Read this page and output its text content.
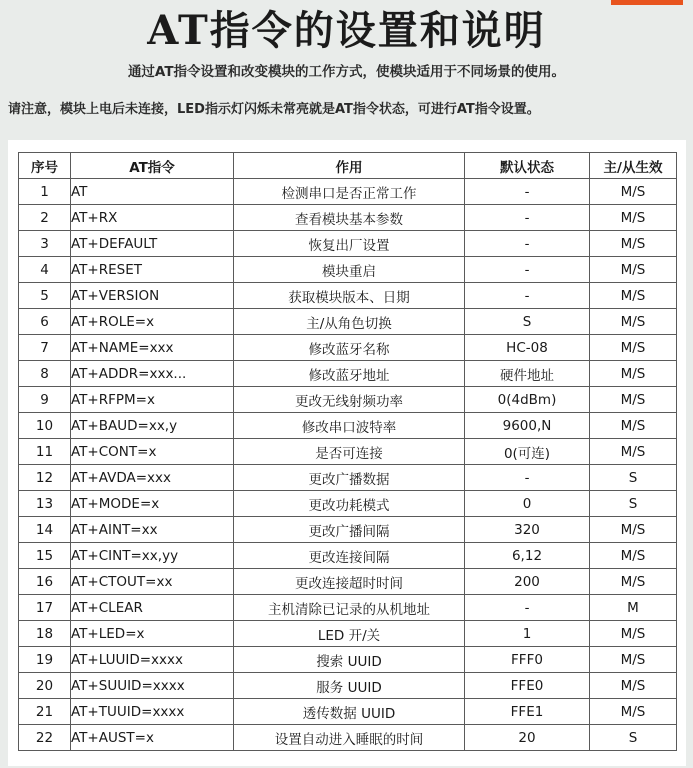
AT指令的设置和说明
通过AT指令设置和改变模块的工作方式，使模块适用于不同场景的使用。
请注意，模块上电后未连接，LED指示灯闪烁未常亮就是AT指令状态，可进行AT指令设置。
序号	AT指令	作用	默认状态	主/从生效
1	AT	检测串口是否正常工作	-	M/S
2	AT+RX	查看模块基本参数	-	M/S
3	AT+DEFAULT	恢复出厂设置	-	M/S
4	AT+RESET	模块重启	-	M/S
5	AT+VERSION	获取模块版本、日期	-	M/S
6	AT+ROLE=x	主/从角色切换	S	M/S
7	AT+NAME=xxx	修改蓝牙名称	HC-08	M/S
8	AT+ADDR=xxx...	修改蓝牙地址	硬件地址	M/S
9	AT+RFPM=x	更改无线射频功率	0(4dBm)	M/S
10	AT+BAUD=xx,y	修改串口波特率	9600,N	M/S
11	AT+CONT=x	是否可连接	0(可连)	M/S
12	AT+AVDA=xxx	更改广播数据	-	S
13	AT+MODE=x	更改功耗模式	0	S
14	AT+AINT=xx	更改广播间隔	320	M/S
15	AT+CINT=xx,yy	更改连接间隔	6,12	M/S
16	AT+CTOUT=xx	更改连接超时时间	200	M/S
17	AT+CLEAR	主机清除已记录的从机地址	-	M
18	AT+LED=x	LED 开/关	1	M/S
19	AT+LUUID=xxxx	搜索 UUID	FFF0	M/S
20	AT+SUUID=xxxx	服务 UUID	FFE0	M/S
21	AT+TUUID=xxxx	透传数据 UUID	FFE1	M/S
22	AT+AUST=x	设置自动进入睡眠的时间	20	S
